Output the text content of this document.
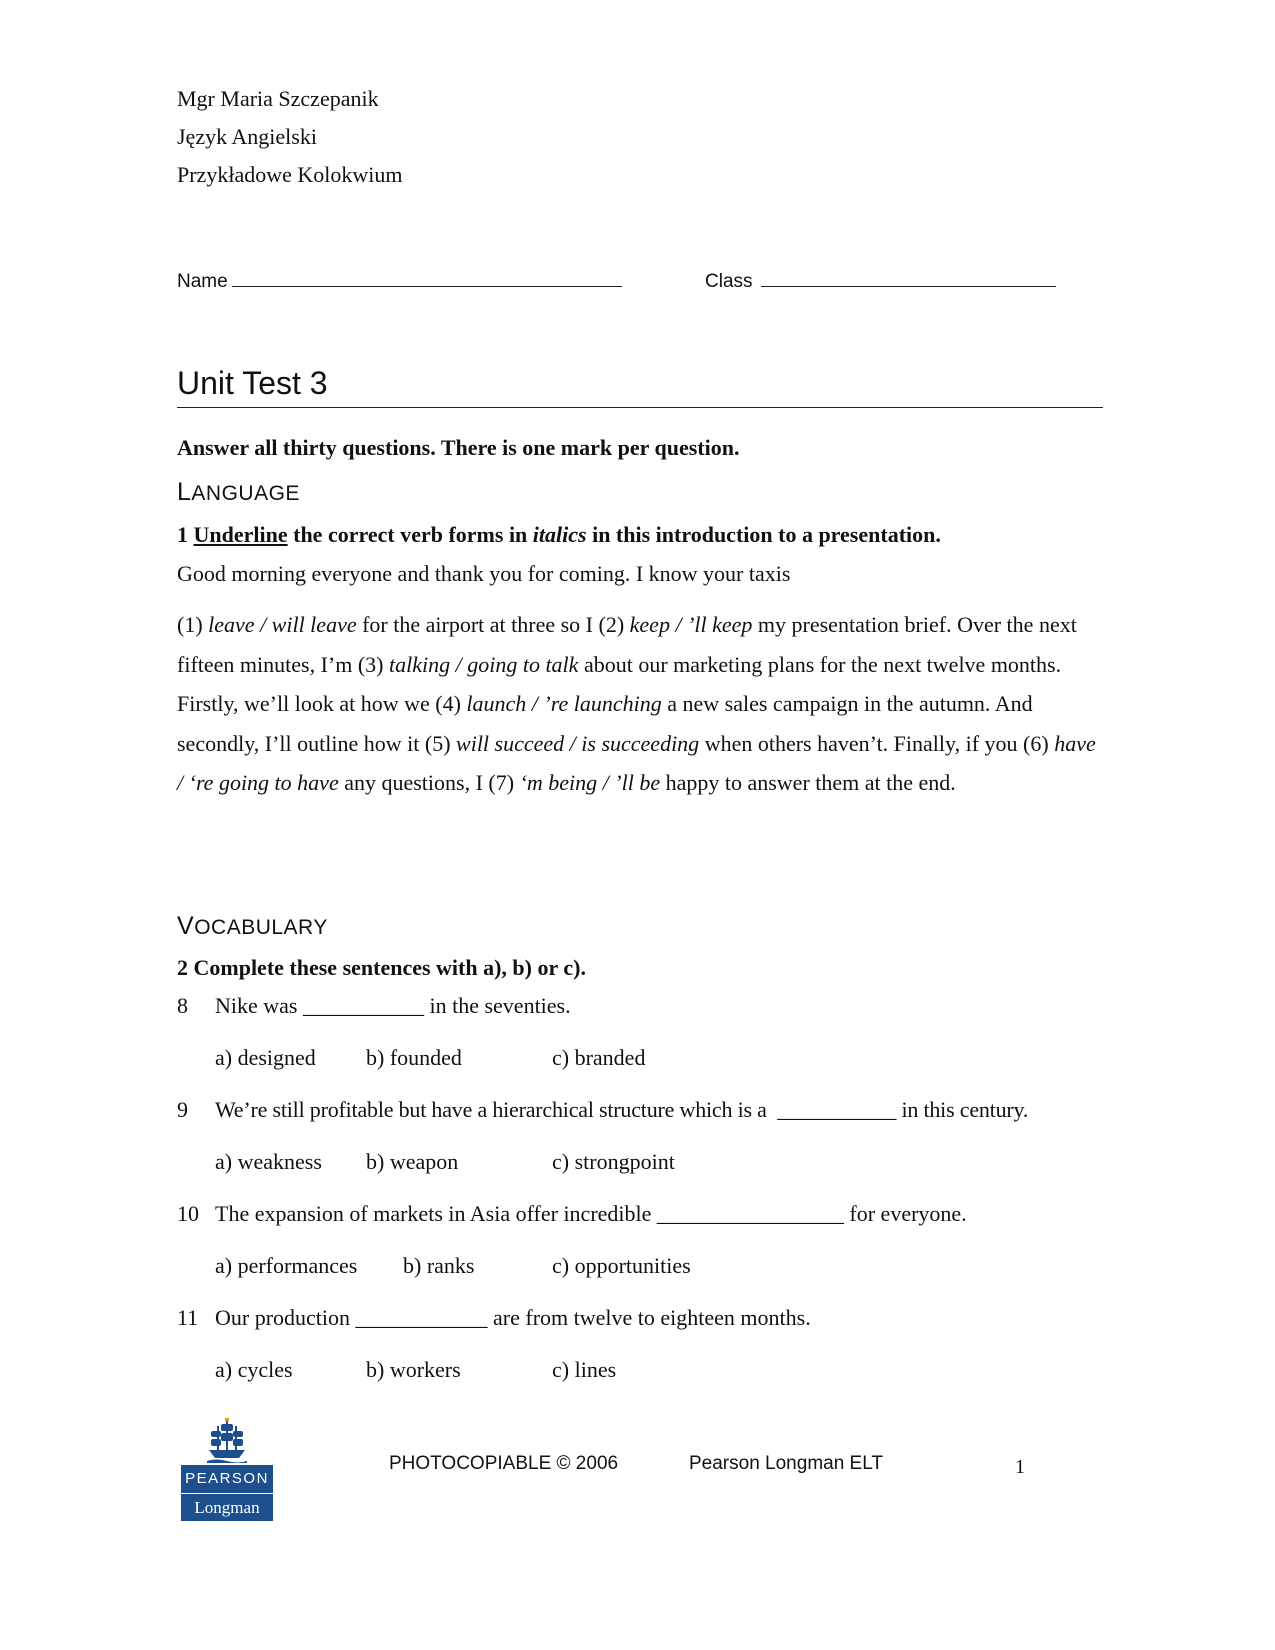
Mgr Maria Szczepanik
Język Angielski
Przykładowe Kolokwium
Name	Class
Unit Test 3
Answer all thirty questions. There is one mark per question.
LANGUAGE
1 Underline the correct verb forms in italics in this introduction to a presentation.
Good morning everyone and thank you for coming. I know your taxis
(1) leave / will leave for the airport at three so I (2) keep / ’ll keep my presentation brief. Over the next fifteen minutes, I’m (3) talking / going to talk about our marketing plans for the next twelve months. Firstly, we’ll look at how we (4) launch / ’re launching a new sales campaign in the autumn. And secondly, I’ll outline how it (5) will succeed / is succeeding when others haven’t. Finally, if you (6) have / ‘re going to have any questions, I (7) ‘m being / ’ll be happy to answer them at the end.
VOCABULARY
2 Complete these sentences with a), b) or c).
8 Nike was ___________ in the seventies.
a) designed b) founded	c) branded
9 We’re still profitable but have a hierarchical structure which is a ___________ in this century.
a) weakness b) weapon	c) strongpoint
10 The expansion of markets in Asia offer incredible _________________ for everyone.
a) performances b) ranks	c) opportunities
11 Our production ____________ are from twelve to eighteen months.
a) cycles	b) workers	c) lines
PEARSON
Longman
PHOTOCOPIABLE © 2006	Pearson Longman ELT	1
